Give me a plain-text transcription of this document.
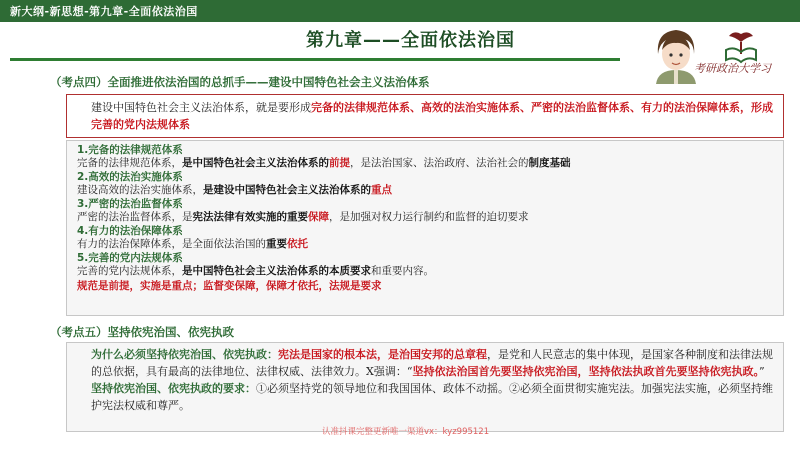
新大纲-新思想-第九章-全面依法治国
第九章——全面依法治国
考研政治大学习
（考点四）全面推进依法治国的总抓手——建设中国特色社会主义法治体系
建设中国特色社会主义法治体系，就是要形成完备的法律规范体系、高效的法治实施体系、严密的法治监督体系、有力的法治保障体系，形成完善的党内法规体系
1.完备的法律规范体系
完备的法律规范体系，是中国特色社会主义法治体系的前提，是法治国家、法治政府、法治社会的制度基础
2.高效的法治实施体系
建设高效的法治实施体系，是建设中国特色社会主义法治体系的重点
3.严密的法治监督体系
严密的法治监督体系，是宪法法律有效实施的重要保障，是加强对权力运行制约和监督的迫切要求
4.有力的法治保障体系
有力的法治保障体系，是全面依法治国的重要依托
5.完善的党内法规体系
完善的党内法规体系，是中国特色社会主义法治体系的本质要求和重要内容。
规范是前提，实施是重点；监督变保障，保障才依托，法规是要求
（考点五）坚持依宪治国、依宪执政
为什么必须坚持依宪治国、依宪执政：宪法是国家的根本法，是治国安邦的总章程，是党和人民意志的集中体现，是国家各种制度和法律法规的总依据，具有最高的法律地位、法律权威、法律效力。X强调：“坚持依法治国首先要坚持依宪治国，坚持依法执政首先要坚持依宪执政。”
坚持依宪治国、依宪执政的要求：①必须坚持党的领导地位和我国国体、政体不动摇。②必须全面贯彻实施宪法。加强宪法实施，必须坚持维护宪法权威和尊严。
认准抖课完整更新唯一渠道vx：kyz995121
